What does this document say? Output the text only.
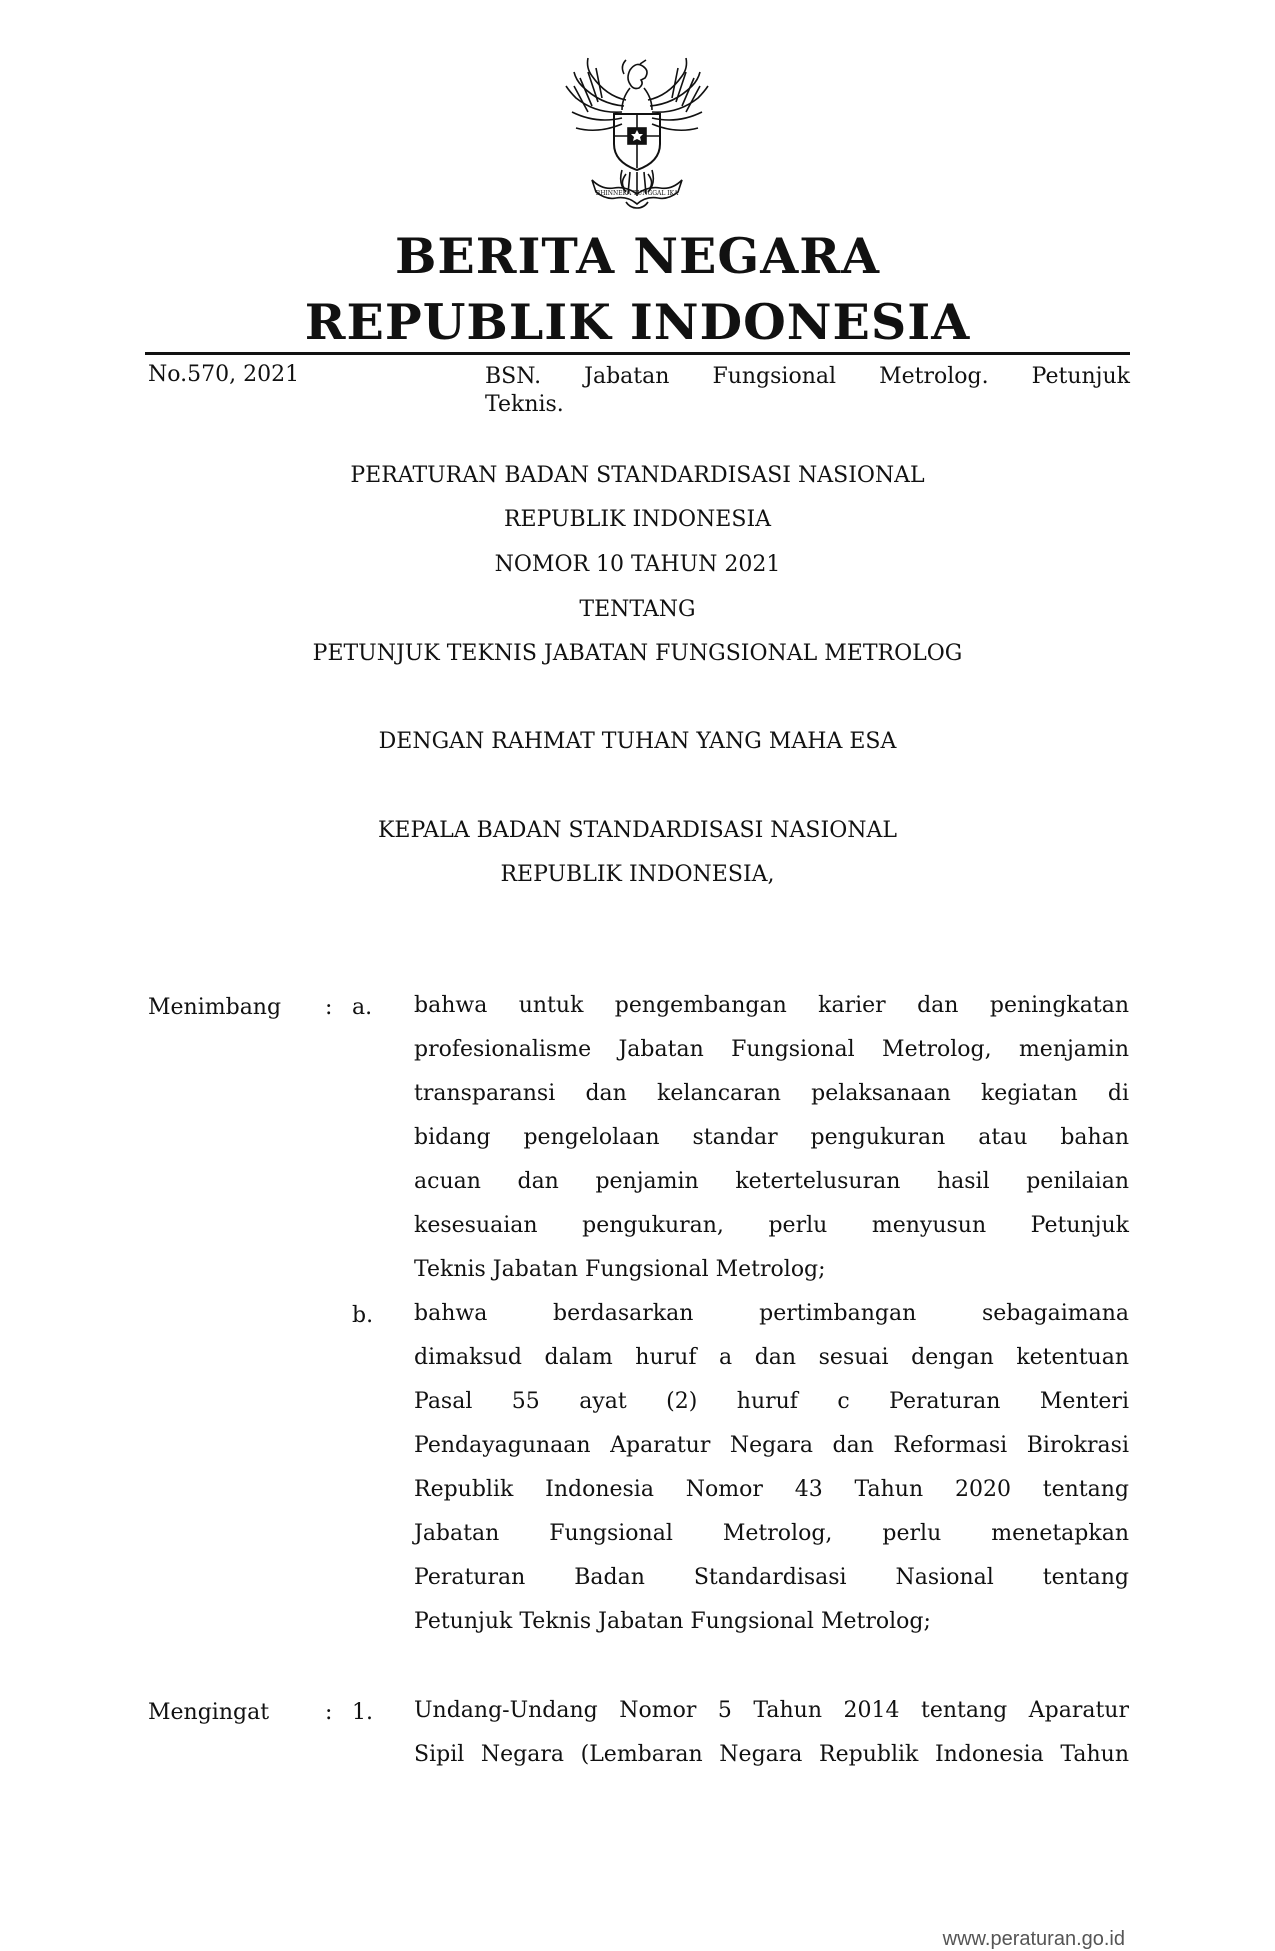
BHINNEKA TUNGGAL IKA
BERITA NEGARA
REPUBLIK INDONESIA
No.570, 2021	BSN. Jabatan Fungsional Metrolog. Petunjuk
Teknis.
PERATURAN BADAN STANDARDISASI NASIONAL
REPUBLIK INDONESIA
NOMOR 10 TAHUN 2021
TENTANG
PETUNJUK TEKNIS JABATAN FUNGSIONAL METROLOG
DENGAN RAHMAT TUHAN YANG MAHA ESA
KEPALA BADAN STANDARDISASI NASIONAL
REPUBLIK INDONESIA,
Menimbang : a. bahwa untuk pengembangan karier dan peningkatan
profesionalisme Jabatan Fungsional Metrolog, menjamin
transparansi dan kelancaran pelaksanaan kegiatan di
bidang pengelolaan standar pengukuran atau bahan
acuan dan penjamin ketertelusuran hasil penilaian
kesesuaian pengukuran, perlu menyusun Petunjuk
Teknis Jabatan Fungsional Metrolog;
b. bahwa berdasarkan pertimbangan sebagaimana
dimaksud dalam huruf a dan sesuai dengan ketentuan
Pasal 55 ayat (2) huruf c Peraturan Menteri
Pendayagunaan Aparatur Negara dan Reformasi Birokrasi
Republik Indonesia Nomor 43 Tahun 2020 tentang
Jabatan Fungsional Metrolog, perlu menetapkan
Peraturan Badan Standardisasi Nasional tentang
Petunjuk Teknis Jabatan Fungsional Metrolog;
Mengingat	: 1. Undang-Undang Nomor 5 Tahun 2014 tentang Aparatur
Sipil Negara (Lembaran Negara Republik Indonesia Tahun
www.peraturan.go.id
